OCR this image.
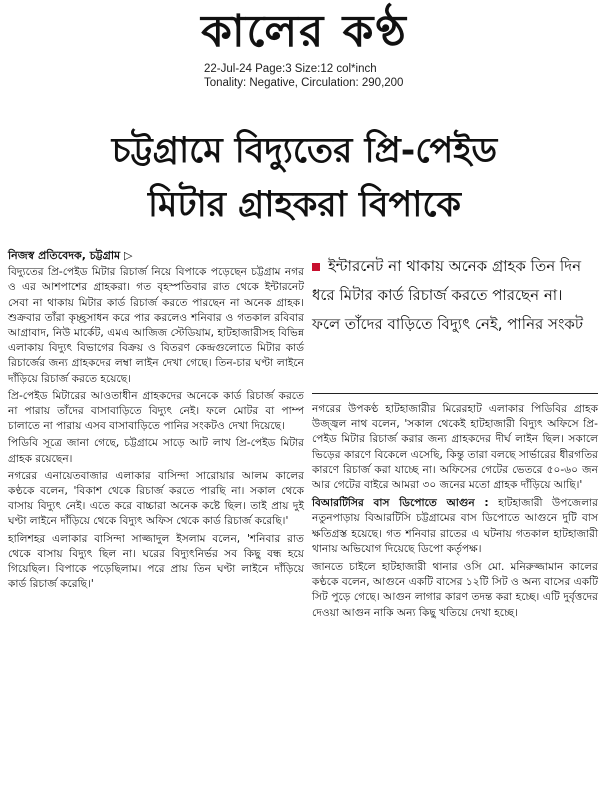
কালের কণ্ঠ
22-Jul-24 Page:3 Size:12 col*inch
Tonality: Negative, Circulation: 290,200
চট্টগ্রামে বিদ্যুতের প্রি-পেইড
মিটার গ্রাহকরা বিপাকে
নিজস্ব প্রতিবেদক, চট্টগ্রাম ▷

বিদ্যুতের প্রি-পেইড মিটার রিচার্জ নিয়ে বিপাকে পড়েছেন চট্টগ্রাম নগর ও এর আশপাশের গ্রাহকরা। গত বৃহস্পতিবার রাত থেকে ইন্টারনেট সেবা না থাকায় মিটার কার্ড রিচার্জ করতে পারছেন না অনেক গ্রাহক। শুক্রবার তাঁরা কৃচ্ছ্রসাধন করে পার করলেও শনিবার ও গতকাল রবিবার আগ্রাবাদ, নিউ মার্কেট, এমএ আজিজ স্টেডিয়াম, হাটহাজারীসহ বিভিন্ন এলাকায় বিদ্যুৎ বিভাগের বিক্রয় ও বিতরণ কেন্দ্রগুলোতে মিটার কার্ড রিচার্জের জন্য গ্রাহকদের লম্বা লাইন দেখা গেছে। তিন-চার ঘণ্টা লাইনে দাঁড়িয়ে রিচার্জ করতে হয়েছে।

প্রি-পেইড মিটারের আওতাধীন গ্রাহকদের অনেকে কার্ড রিচার্জ করতে না পারায় তাঁদের বাসাবাড়িতে বিদ্যুৎ নেই। ফলে মোটর বা পাম্প চালাতে না পারায় এসব বাসাবাড়িতে পানির সংকটও দেখা দিয়েছে।

পিডিবি সূত্রে জানা গেছে, চট্টগ্রামে সাড়ে আট লাখ প্রি-পেইড মিটার গ্রাহক রয়েছেন।

নগরের এনায়েতবাজার এলাকার বাসিন্দা সারোয়ার আলম কালের কণ্ঠকে বলেন, 'বিকাশ থেকে রিচার্জ করতে পারছি না। সকাল থেকে বাসায় বিদ্যুৎ নেই। এতে করে বাচ্চারা অনেক কষ্টে ছিল। তাই প্রায় দুই ঘণ্টা লাইনে দাঁড়িয়ে থেকে বিদ্যুৎ অফিস থেকে কার্ড রিচার্জ করেছি।'

হালিশহর এলাকার বাসিন্দা সাজ্জাদুল ইসলাম বলেন, 'শনিবার রাত থেকে বাসায় বিদ্যুৎ ছিল না। ঘরের বিদ্যুৎনির্ভর সব কিছু বন্ধ হয়ে গিয়েছিল। বিপাকে পড়েছিলাম। পরে প্রায় তিন ঘণ্টা লাইনে দাঁড়িয়ে কার্ড রিচার্জ করেছি।'

ইন্টারনেট না থাকায় অনেক গ্রাহক তিন দিন ধরে মিটার কার্ড রিচার্জ করতে পারছেন না। ফলে তাঁদের বাড়িতে বিদ্যুৎ নেই, পানির সংকট

নগরের উপকণ্ঠ হাটহাজারীর মিরেরহাট এলাকার পিডিবির গ্রাহক উজ্জ্বল নাথ বলেন, 'সকাল থেকেই হাটহাজারী বিদ্যুৎ অফিসে প্রি-পেইড মিটার রিচার্জ করার জন্য গ্রাহকদের দীর্ঘ লাইন ছিল। সকালে ভিড়ের কারণে বিকেলে এসেছি, কিন্তু তারা বলছে সার্ভারের ধীরগতির কারণে রিচার্জ করা যাচ্ছে না। অফিসের গেটের ভেতরে ৫০-৬০ জন আর গেটের বাইরে আমরা ৩০ জনের মতো গ্রাহক দাঁড়িয়ে আছি।'

বিআরটিসির বাস ডিপোতে আগুন : হাটহাজারী উপজেলার নতুনপাড়ায় বিআরটিসি চট্টগ্রামের বাস ডিপোতে আগুনে দুটি বাস ক্ষতিগ্রস্ত হয়েছে। গত শনিবার রাতের এ ঘটনায় গতকাল হাটহাজারী থানায় অভিযোগ দিয়েছে ডিপো কর্তৃপক্ষ।

জানতে চাইলে হাটহাজারী থানার ওসি মো. মনিরুজ্জামান কালের কণ্ঠকে বলেন, আগুনে একটি বাসের ১২টি সিট ও অন্য বাসের একটি সিট পুড়ে গেছে। আগুন লাগার কারণ তদন্ত করা হচ্ছে। এটি দুর্বৃত্তদের দেওয়া আগুন নাকি অন্য কিছু খতিয়ে দেখা হচ্ছে।
